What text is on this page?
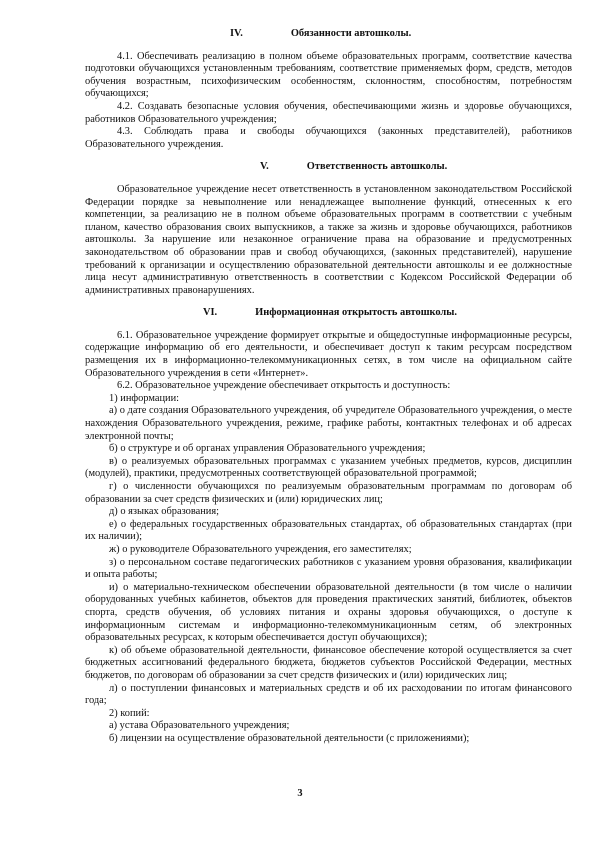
IV.	Обязанности автошколы.

4.1. Обеспечивать реализацию в полном объеме образовательных программ, соответствие качества подготовки обучающихся установленным требованиям, соответствие применяемых форм, средств, методов обучения возрастным, психофизическим особенностям, склонностям, способностям, потребностям обучающихся;

4.2. Создавать безопасные условия обучения, обеспечивающими жизнь и здоровье обучающихся, работников Образовательного учреждения;

4.3. Соблюдать права и свободы обучающихся (законных представителей), работников Образовательного учреждения.

V.	Ответственность автошколы.

Образовательное учреждение несет ответственность в установленном законодательством Российской Федерации порядке за невыполнение или ненадлежащее выполнение функций, отнесенных к его компетенции, за реализацию не в полном объеме образовательных программ в соответствии с учебным планом, качество образования своих выпускников, а также за жизнь и здоровье обучающихся, работников автошколы. За нарушение или незаконное ограничение права на образование и предусмотренных законодательством об образовании прав и свобод обучающихся, (законных представителей), нарушение требований к организации и осуществлению образовательной деятельности автошколы и ее должностные лица несут административную ответственность в соответствии с Кодексом Российской Федерации об административных правонарушениях.

VI.	Информационная открытость автошколы.

6.1. Образовательное учреждение формирует открытые и общедоступные информационные ресурсы, содержащие информацию об его деятельности, и обеспечивает доступ к таким ресурсам посредством размещения их в информационно-телекоммуникационных сетях, в том числе на официальном сайте Образовательного учреждения в сети «Интернет».

6.2. Образовательное учреждение обеспечивает открытость и доступность:

1) информации:

а) о дате создания Образовательного учреждения, об учредителе Образовательного учреждения, о месте нахождения Образовательного учреждения, режиме, графике работы, контактных телефонах и об адресах электронной почты;

б) о структуре и об органах управления Образовательного учреждения;

в) о реализуемых образовательных программах с указанием учебных предметов, курсов, дисциплин (модулей), практики, предусмотренных соответствующей образовательной программой;

г) о численности обучающихся по реализуемым образовательным программам по договорам об образовании за счет средств физических и (или) юридических лиц;

д) о языках образования;

е) о федеральных государственных образовательных стандартах, об образовательных стандартах (при их наличии);

ж) о руководителе Образовательного учреждения, его заместителях;

з) о персональном составе педагогических работников с указанием уровня образования, квалификации и опыта работы;

и) о материально-техническом обеспечении образовательной деятельности (в том числе о наличии оборудованных учебных кабинетов, объектов для проведения практических занятий, библиотек, объектов спорта, средств обучения, об условиях питания и охраны здоровья обучающихся, о доступе к информационным системам и информационно-телекоммуникационным сетям, об электронных образовательных ресурсах, к которым обеспечивается доступ обучающихся);

к) об объеме образовательной деятельности, финансовое обеспечение которой осуществляется за счет бюджетных ассигнований федерального бюджета, бюджетов субъектов Российской Федерации, местных бюджетов, по договорам об образовании за счет средств физических и (или) юридических лиц;

л) о поступлении финансовых и материальных средств и об их расходовании по итогам финансового года;

2) копий:

а) устава Образовательного учреждения;

б) лицензии на осуществление образовательной деятельности (с приложениями);

3
